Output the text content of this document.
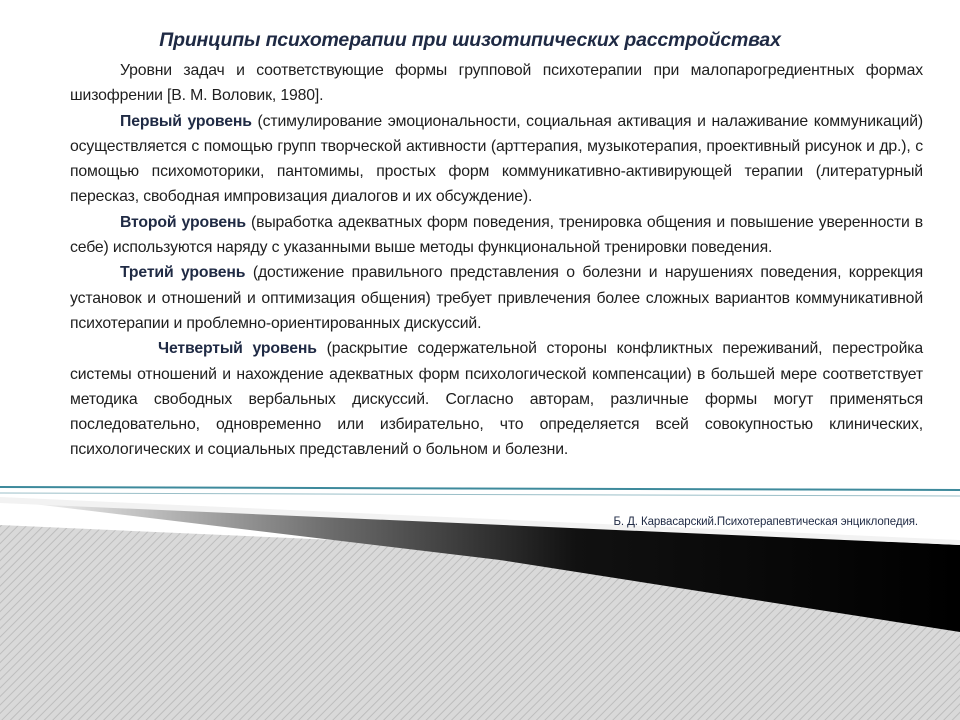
Принципы психотерапии при шизотипических расстройствах

Уровни задач и соответствующие формы групповой психотерапии при малопарогредиентных формах шизофрении [В. М. Воловик, 1980].

Первый уровень (стимулирование эмоциональности, социальная активация и налаживание коммуникаций) осуществляется с помощью групп творческой активности (арттерапия, музыкотерапия, проективный рисунок и др.), с помощью психомоторики, пантомимы, простых форм коммуникативно-активирующей терапии (литературный пересказ, свободная импровизация диалогов и их обсуждение).

Второй уровень (выработка адекватных форм поведения, тренировка общения и повышение уверенности в себе) используются наряду с указанными выше методы функциональной тренировки поведения.

Третий уровень (достижение правильного представления о болезни и нарушениях поведения, коррекция установок и отношений и оптимизация общения) требует привлечения более сложных вариантов коммуникативной психотерапии и проблемно-ориентированных дискуссий.

Четвертый уровень (раскрытие содержательной стороны конфликтных переживаний, перестройка системы отношений и нахождение адекватных форм психологической компенсации) в большей мере соответствует методика свободных вербальных дискуссий. Согласно авторам, различные формы могут применяться последовательно, одновременно или избирательно, что определяется всей совокупностью клинических, психологических и социальных представлений о больном и болезни.

Б. Д. Карвасарский.Психотерапевтическая энциклопедия.
